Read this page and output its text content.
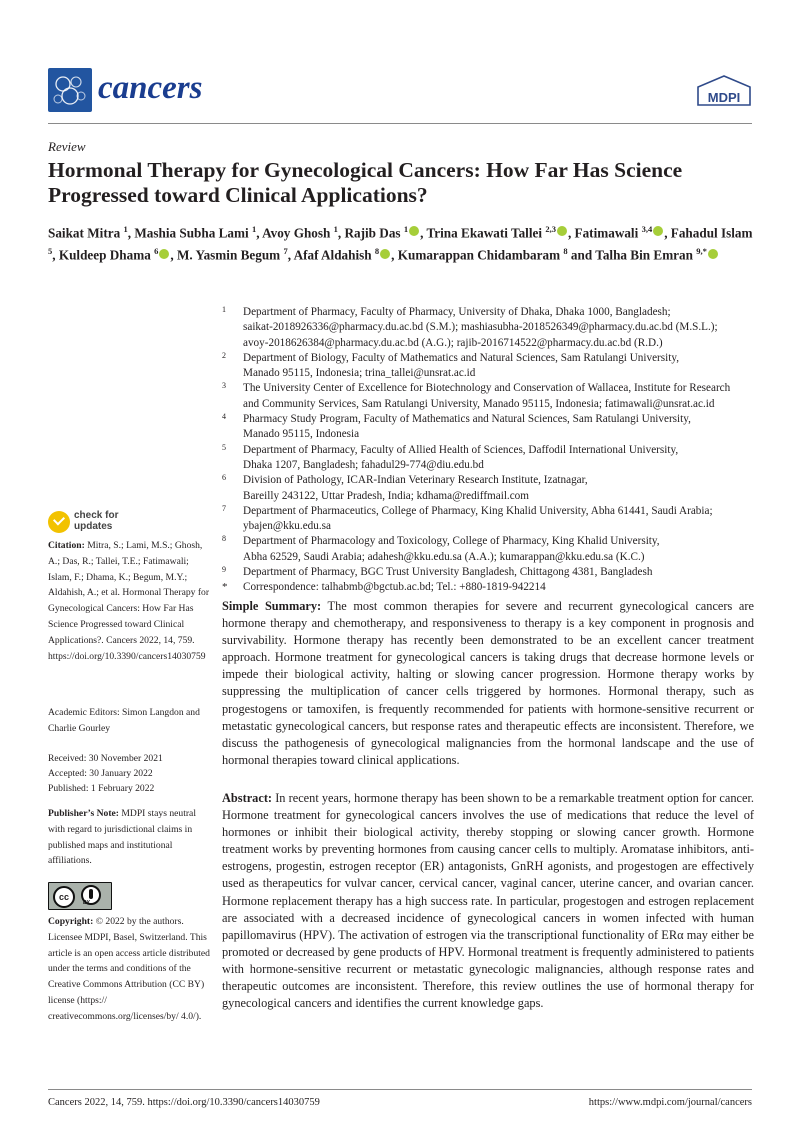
cancers	MDPI
Review
Hormonal Therapy for Gynecological Cancers: How Far Has Science Progressed toward Clinical Applications?
Saikat Mitra $^1$, Mashia Subha Lami $^1$, Avoy Ghosh $^1$, Rajib Das $^1$ , Trina Ekawati Tallei $^{2,3}$ , Fatimawali $^{3,4}$ , Fahadul Islam $^5$, Kuldeep Dhama $^6$ , M. Yasmin Begum $^7$, Afaf Aldahish $^8$ , Kumarappan Chidambaram $^8$ and Talha Bin Emran $^{9,*}$
1 Department of Pharmacy, Faculty of Pharmacy, University of Dhaka, Dhaka 1000, Bangladesh;
saikat-2018926336@pharmacy.du.ac.bd (S.M.); mashiasubha-2018526349@pharmacy.du.ac.bd (M.S.L.);
avoy-2018626384@pharmacy.du.ac.bd (A.G.); rajib-2016714522@pharmacy.du.ac.bd (R.D.)
2 Department of Biology, Faculty of Mathematics and Natural Sciences, Sam Ratulangi University,
Manado 95115, Indonesia; trina_tallei@unsrat.ac.id
3 The University Center of Excellence for Biotechnology and Conservation of Wallacea, Institute for Research
and Community Services, Sam Ratulangi University, Manado 95115, Indonesia; fatimawali@unsrat.ac.id
4 Pharmacy Study Program, Faculty of Mathematics and Natural Sciences, Sam Ratulangi University,
Manado 95115, Indonesia
5 Department of Pharmacy, Faculty of Allied Health of Sciences, Daffodil International University,
Dhaka 1207, Bangladesh; fahadul29-774@diu.edu.bd
6 Division of Pathology, ICAR-Indian Veterinary Research Institute, Izatnagar,
Bareilly 243122, Uttar Pradesh, India; kdhama@rediffmail.com
7 Department of Pharmaceutics, College of Pharmacy, King Khalid University, Abha 61441, Saudi Arabia;
ybajen@kku.edu.sa
8 Department of Pharmacology and Toxicology, College of Pharmacy, King Khalid University,
Abha 62529, Saudi Arabia; adahesh@kku.edu.sa (A.A.); kumarappan@kku.edu.sa (K.C.)
9 Department of Pharmacy, BGC Trust University Bangladesh, Chittagong 4381, Bangladesh
* Correspondence: talhabmb@bgctub.ac.bd; Tel.: +880-1819-942214
check for
updates
Citation: Mitra, S.; Lami, M.S.; Ghosh, A.; Das, R.; Tallei, T.E.; Fatimawali; Islam, F.; Dhama, K.; Begum, M.Y.; Aldahish, A.; et al. Hormonal Therapy for Gynecological Cancers: How Far Has Science Progressed toward Clinical Applications?. Cancers 2022, 14, 759. https://doi.org/10.3390/cancers14030759
Academic Editors: Simon Langdon and Charlie Gourley
Received: 30 November 2021
Accepted: 30 January 2022
Published: 1 February 2022
Publisher’s Note: MDPI stays neutral with regard to jurisdictional claims in published maps and institutional affiliations.
cc
BY
Copyright: © 2022 by the authors. Licensee MDPI, Basel, Switzerland. This article is an open access article distributed under the terms and conditions of the Creative Commons Attribution (CC BY) license (https:// creativecommons.org/licenses/by/ 4.0/).
Simple Summary: The most common therapies for severe and recurrent gynecological cancers are hormone therapy and chemotherapy, and responsiveness to therapy is a key component in prognosis and survivability. Hormone therapy has recently been demonstrated to be an excellent cancer treatment approach. Hormone treatment for gynecological cancers is taking drugs that decrease hormone levels or impede their biological activity, halting or slowing cancer progression. Hormone therapy works by suppressing the multiplication of cancer cells triggered by hormones. Hormonal therapy, such as progestogens or tamoxifen, is frequently recommended for patients with hormone-sensitive recurrent or metastatic gynecological cancers, but response rates and therapeutic effects are inconsistent. Therefore, we discuss the pathogenesis of gynecological malignancies from the hormonal landscape and the use of hormonal therapies toward clinical applications.
Abstract: In recent years, hormone therapy has been shown to be a remarkable treatment option for cancer. Hormone treatment for gynecological cancers involves the use of medications that reduce the level of hormones or inhibit their biological activity, thereby stopping or slowing cancer growth. Hormone treatment works by preventing hormones from causing cancer cells to multiply. Aromatase inhibitors, anti-estrogens, progestin, estrogen receptor (ER) antagonists, GnRH agonists, and progestogen are effectively used as therapeutics for vulvar cancer, cervical cancer, vaginal cancer, uterine cancer, and ovarian cancer. Hormone replacement therapy has a high success rate. In particular, progestogen and estrogen replacement are associated with a decreased incidence of gynecological cancers in women infected with human papillomavirus (HPV). The activation of estrogen via the transcriptional functionality of ERα may either be promoted or decreased by gene products of HPV. Hormonal treatment is frequently administered to patients with hormone-sensitive recurrent or metastatic gynecologic malignancies, although response rates and therapeutic outcomes are inconsistent. Therefore, this review outlines the use of hormonal therapy for gynecological cancers and identifies the current knowledge gaps.
Cancers 2022, 14, 759. https://doi.org/10.3390/cancers14030759	https://www.mdpi.com/journal/cancers
